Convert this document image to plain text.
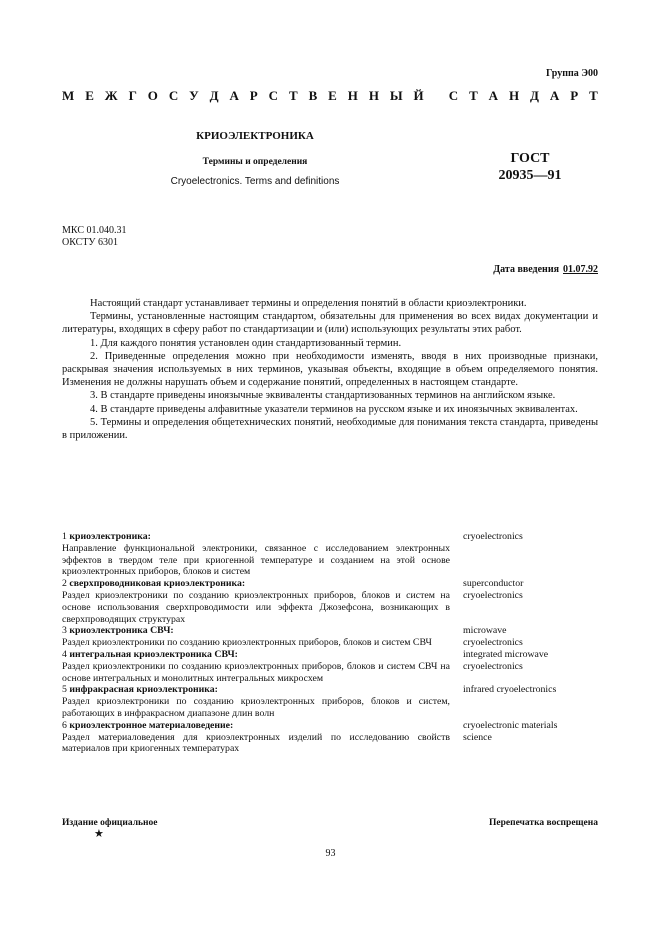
Группа Э00
М Е Ж Г О С У Д А Р С Т В Е Н Н Ы Й
С Т А Н Д А Р Т
КРИОЭЛЕКТРОНИКА
Термины и определения
Cryoelectronics. Terms and definitions
ГОСТ
20935—91
МКС 01.040.31
ОКСТУ 6301
Дата введения 01.07.92

Настоящий стандарт устанавливает термины и определения понятий в области криоэлектроники.

Термины, установленные настоящим стандартом, обязательны для применения во всех видах документации и литературы, входящих в сферу работ по стандартизации и (или) использующих результаты этих работ.

1. Для каждого понятия установлен один стандартизованный термин.

2. Приведенные определения можно при необходимости изменять, вводя в них производные признаки, раскрывая значения используемых в них терминов, указывая объекты, входящие в объем определяемого понятия. Изменения не должны нарушать объем и содержание понятий, определенных в настоящем стандарте.

3. В стандарте приведены иноязычные эквиваленты стандартизованных терминов на английском языке.

4. В стандарте приведены алфавитные указатели терминов на русском языке и их иноязычных эквивалентах.

5. Термины и определения общетехнических понятий, необходимые для понимания текста стандарта, приведены в приложении.

1 криоэлектроника:
Направление функциональной электроники, связанное с исследованием электронных эффектов в твердом теле при криогенной температуре и созданием на этой основе криоэлектронных приборов, блоков и систем
cryoelectronics
2 сверхпроводниковая криоэлектроника:
Раздел криоэлектроники по созданию криоэлектронных приборов, блоков и систем на основе использования сверхпроводимости или эффекта Джозефсона, возникающих в сверхпроводящих структурах
superconductor
cryoelectronics
3 криоэлектроника СВЧ:
Раздел криоэлектроники по созданию криоэлектронных приборов, блоков и систем СВЧ
microwave
cryoelectronics
4 интегральная криоэлектроника СВЧ:
Раздел криоэлектроники по созданию криоэлектронных приборов, блоков и систем СВЧ на основе интегральных и монолитных интегральных микросхем
integrated microwave
cryoelectronics
5 инфракрасная криоэлектроника:
Раздел криоэлектроники по созданию криоэлектронных приборов, блоков и систем, работающих в инфракрасном диапазоне длин волн
infrared cryoelectronics
6 криоэлектронное материаловедение:
Раздел материаловедения для криоэлектронных изделий по исследованию свойств материалов при криогенных температурах
cryoelectronic materials
science
Издание официальное
★
Перепечатка воспрещена
93
